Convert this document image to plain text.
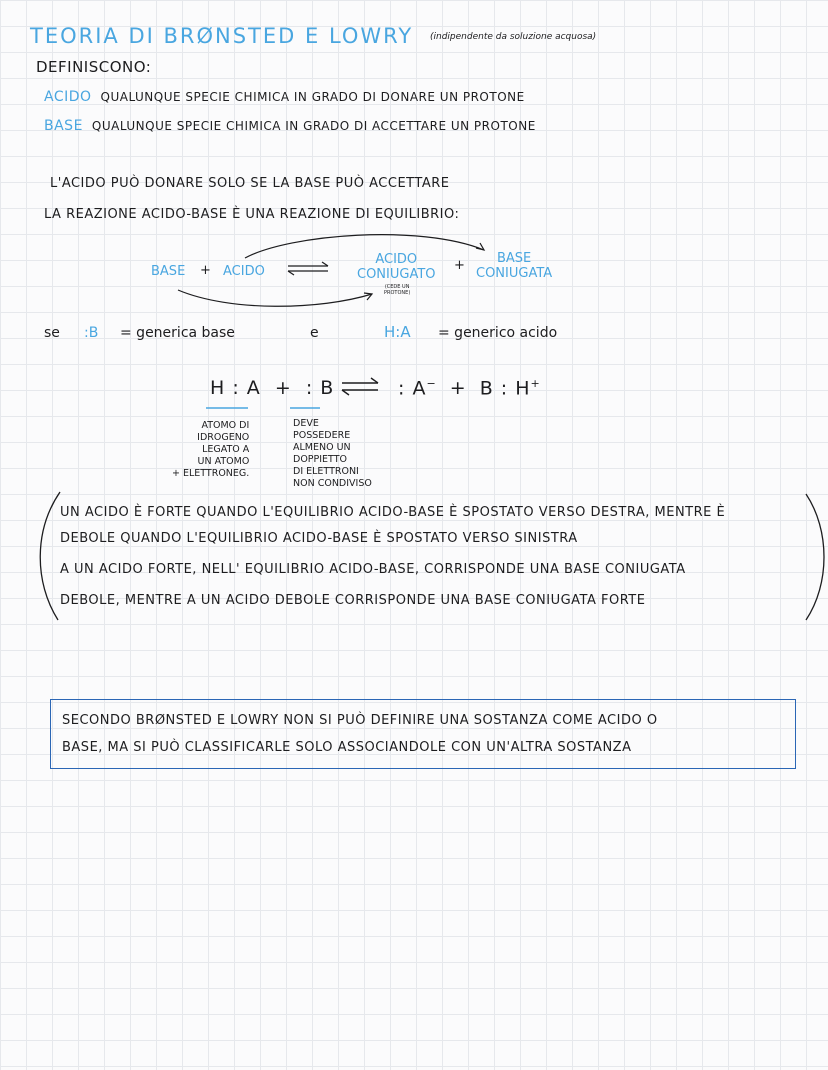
TEORIA DI BRØNSTED E LOWRY (indipendente da soluzione acquosa)
DEFINISCONO:
ACIDO QUALUNQUE SPECIE CHIMICA IN GRADO DI DONARE UN PROTONE
BASE QUALUNQUE SPECIE CHIMICA IN GRADO DI ACCETTARE UN PROTONE
L'ACIDO PUÒ DONARE SOLO SE LA BASE PUÒ ACCETTARE
LA REAZIONE ACIDO-BASE È UNA REAZIONE DI EQUILIBRIO:
BASE + ACIDO
ACIDO
CONIUGATO
(CEDE UN
PROTONE)
+	BASE
CONIUGATA
se :B = generica base	e	H:A = generico acido
H : A  +  : B	: A− + B : H+
ATOMO DI
IDROGENO
LEGATO A
UN ATOMO
+ ELETTRONEG.
DEVE
POSSEDERE
ALMENO UN
DOPPIETTO
DI ELETTRONI
NON CONDIVISO
UN ACIDO È FORTE QUANDO L'EQUILIBRIO ACIDO-BASE È SPOSTATO VERSO DESTRA, MENTRE È
DEBOLE QUANDO L'EQUILIBRIO ACIDO-BASE È SPOSTATO VERSO SINISTRA
A UN ACIDO FORTE, NELL' EQUILIBRIO ACIDO-BASE, CORRISPONDE UNA BASE CONIUGATA
DEBOLE, MENTRE A UN ACIDO DEBOLE CORRISPONDE UNA BASE CONIUGATA FORTE
SECONDO BRØNSTED E LOWRY NON SI PUÒ DEFINIRE UNA SOSTANZA COME ACIDO O
BASE, MA SI PUÒ CLASSIFICARLE SOLO ASSOCIANDOLE CON UN'ALTRA SOSTANZA
